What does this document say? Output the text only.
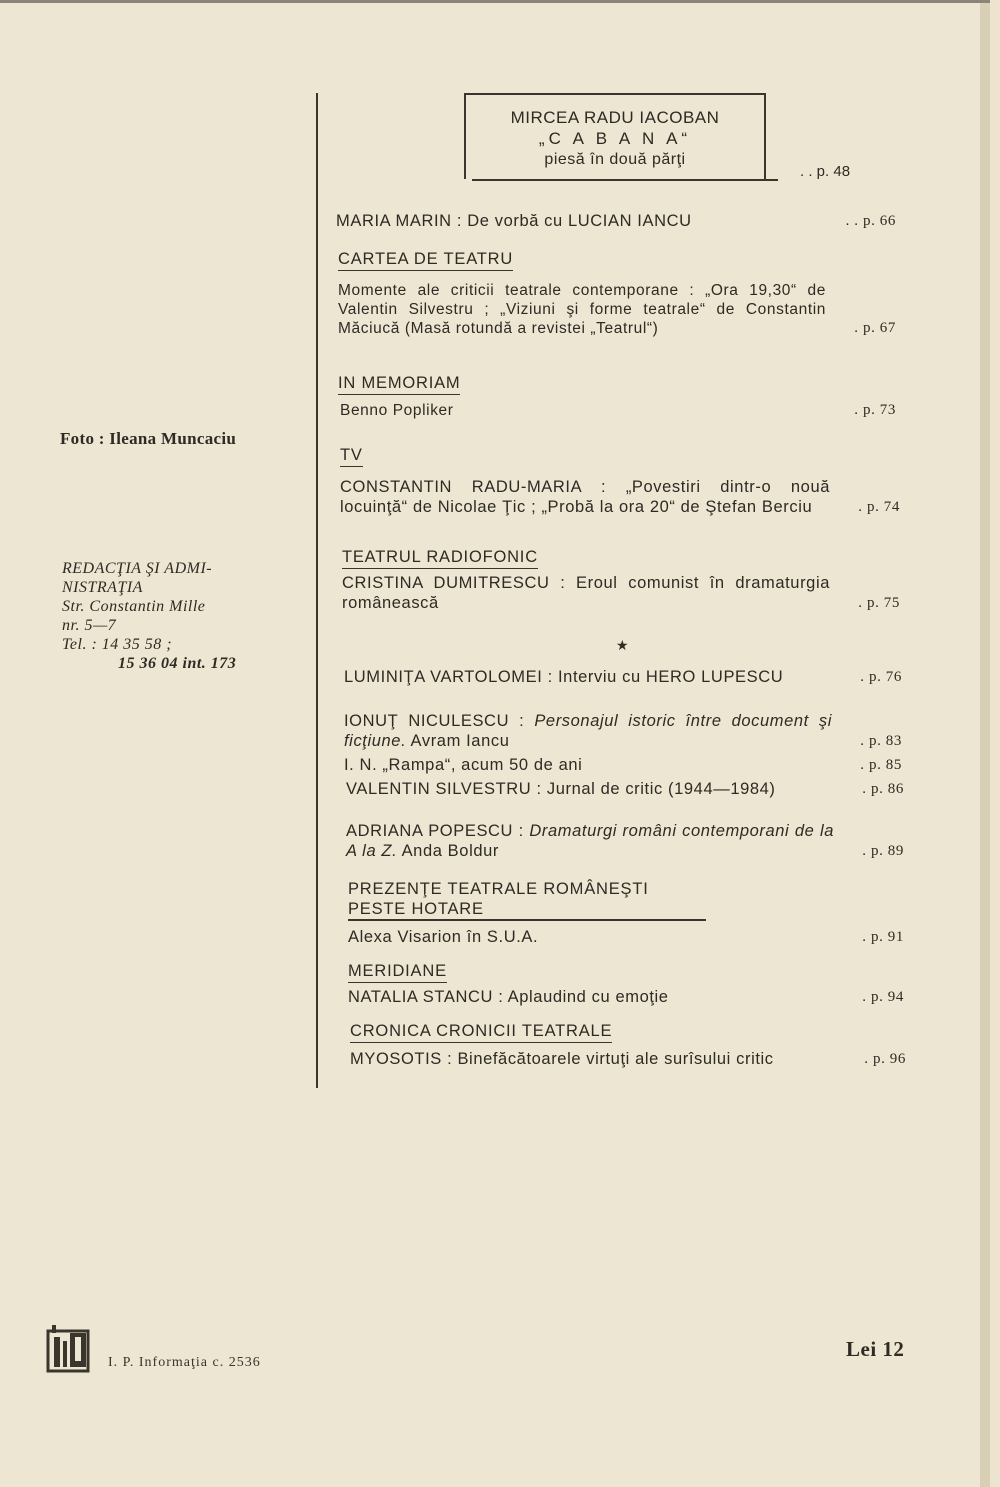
Foto : Ileana Muncaciu
REDACŢIA ŞI ADMI-
NISTRAŢIA
Str. Constantin Mille
nr. 5—7
Tel. : 14 35 58 ;
15 36 04 int. 173
MIRCEA RADU IACOBAN
„C A B A N A“
piesă în două părţi
. . p. 48
MARIA MARIN : De vorbă cu LUCIAN IANCU	. . p. 66
CARTEA DE TEATRU
Momente ale criticii teatrale contemporane : „Ora 19,30“ de Valentin Silvestru ; „Viziuni şi forme teatrale“ de Constantin Măciucă (Masă rotundă a revistei „Teatrul“)	. p. 67
IN MEMORIAM
Benno Popliker	. p. 73
TV
CONSTANTIN RADU-MARIA : „Povestiri dintr-o nouă locuinţă“ de Nicolae Ţic ; „Probă la ora 20“ de Ştefan Berciu	. p. 74
TEATRUL RADIOFONIC
CRISTINA DUMITRESCU : Eroul comunist în dramaturgia românească	. p. 75
★
LUMINIŢA VARTOLOMEI : Interviu cu HERO LUPESCU	. p. 76
IONUŢ NICULESCU : Personajul istoric între document şi ficţiune. Avram Iancu	. p. 83
I. N. „Rampa“, acum 50 de ani	. p. 85
VALENTIN SILVESTRU : Jurnal de critic (1944—1984)	. p. 86
ADRIANA POPESCU : Dramaturgi români contemporani de la A la Z. Anda Boldur	. p. 89
PREZENŢE TEATRALE ROMÂNEŞTI
PESTE HOTARE
Alexa Visarion în S.U.A.	. p. 91
MERIDIANE
NATALIA STANCU : Aplaudind cu emoţie	. p. 94
CRONICA CRONICII TEATRALE
MYOSOTIS : Binefăcătoarele virtuţi ale surîsului critic	. p. 96
I. P. Informaţia c. 2536
Lei 12
